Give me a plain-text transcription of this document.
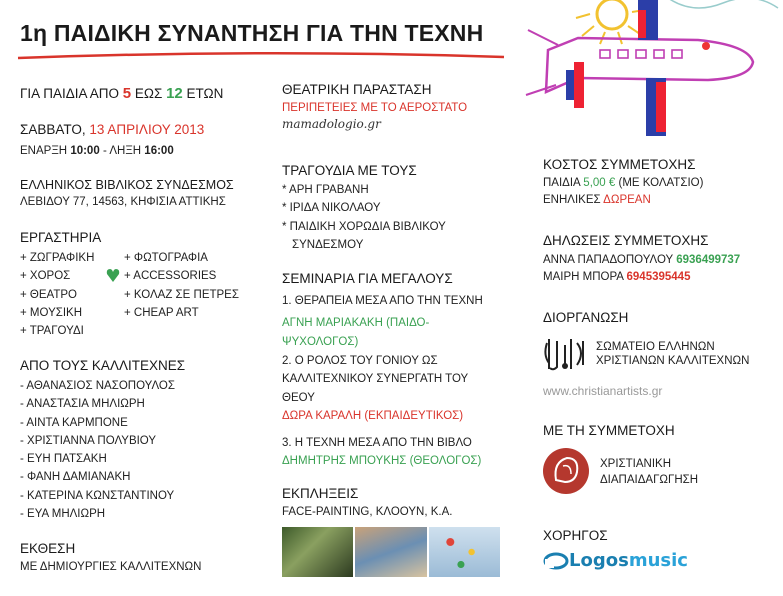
1η ΠΑΙΔΙΚΗ ΣΥΝΑΝΤΗΣΗ ΓΙΑ ΤΗΝ ΤΕΧΝΗ
ΓΙΑ ΠΑΙΔΙΑ ΑΠΟ 5 ΕΩΣ 12 ΕΤΩΝ
ΣΑΒΒΑΤΟ, 13 ΑΠΡΙΛΙΟΥ 2013
ΕΝΑΡΞΗ 10:00 - ΛΗΞΗ 16:00
ΕΛΛΗΝΙΚΟΣ ΒΙΒΛΙΚΟΣ ΣΥΝΔΕΣΜΟΣ
ΛΕΒΙΔΟΥ 77, 14563, ΚΗΦΙΣΙΑ ΑΤΤΙΚΗΣ
ΕΡΓΑΣΤΗΡΙΑ
+ ΖΩΓΡΑΦΙΚΗ
+ ΧΟΡΟΣ
+ ΘΕΑΤΡΟ
+ ΜΟΥΣΙΚΗ
+ ΤΡΑΓΟΥΔΙ
+ ΦΩΤΟΓΡΑΦΙΑ
+ ACCESSORIES
+ ΚΟΛΑΖ ΣΕ ΠΕΤΡΕΣ
+ CHEAP ART
ΑΠΟ ΤΟΥΣ ΚΑΛΛΙΤΕΧΝΕΣ
- ΑΘΑΝΑΣΙΟΣ ΝΑΣΟΠΟΥΛΟΣ
- ΑΝΑΣΤΑΣΙΑ ΜΗΛΙΩΡΗ
- ΑΙΝΤΑ ΚΑΡΜΠΟΝΕ
- ΧΡΙΣΤΙΑΝΝΑ ΠΟΛΥΒΙΟΥ
- ΕΥΗ ΠΑΤΣΑΚΗ
- ΦΑΝΗ ΔΑΜΙΑΝΑΚΗ
- ΚΑΤΕΡΙΝΑ ΚΩΝΣΤΑΝΤΙΝΟΥ
- ΕΥΑ ΜΗΛΙΩΡΗ
ΕΚΘΕΣΗ
ΜΕ ΔΗΜΙΟΥΡΓΙΕΣ ΚΑΛΛΙΤΕΧΝΩΝ
ΘΕΑΤΡΙΚΗ ΠΑΡΑΣΤΑΣΗ
ΠΕΡΙΠΕΤΕΙΕΣ ΜΕ ΤΟ ΑΕΡΟΣΤΑΤΟ
mamadologio.gr
ΤΡΑΓΟΥΔΙΑ ΜΕ ΤΟΥΣ
* ΑΡΗ ΓΡΑΒΑΝΗ
* ΙΡΙΔΑ ΝΙΚΟΛΑΟΥ
* ΠΑΙΔΙΚΗ ΧΟΡΩΔΙΑ ΒΙΒΛΙΚΟΥ
ΣΥΝΔΕΣΜΟΥ
ΣΕΜΙΝΑΡΙΑ ΓΙΑ ΜΕΓΑΛΟΥΣ
1. ΘΕΡΑΠΕΙΑ ΜΕΣΑ ΑΠΟ ΤΗΝ ΤΕΧΝΗ
ΑΓΝΗ ΜΑΡΙΑΚΑΚΗ (ΠΑΙΔΟ-
ΨΥΧΟΛΟΓΟΣ)
2. Ο ΡΟΛΟΣ ΤΟΥ ΓΟΝΙΟΥ ΩΣ
ΚΑΛΛΙΤΕΧΝΙΚΟΥ ΣΥΝΕΡΓΑΤΗ ΤΟΥ
ΘΕΟΥ
ΔΩΡΑ ΚΑΡΑΛΗ (ΕΚΠΑΙΔΕΥΤΙΚΟΣ)
3. Η ΤΕΧΝΗ ΜΕΣΑ ΑΠΟ ΤΗΝ ΒΙΒΛΟ
ΔΗΜΗΤΡΗΣ ΜΠΟΥΚΗΣ (ΘΕΟΛΟΓΟΣ)
ΕΚΠΛΗΞΕΙΣ
FACE-PAINTING, ΚΛΟΟΥΝ, Κ.Α.
ΚΟΣΤΟΣ ΣΥΜΜΕΤΟΧΗΣ
ΠΑΙΔΙΑ 5,00 € (ΜΕ ΚΟΛΑΤΣΙΟ)
ΕΝΗΛΙΚΕΣ ΔΩΡΕΑΝ
ΔΗΛΩΣΕΙΣ ΣΥΜΜΕΤΟΧΗΣ
ΑΝΝΑ ΠΑΠΑΔΟΠΟΥΛΟΥ 6936499737
ΜΑΙΡΗ ΜΠΟΡΑ 6945395445
ΔΙΟΡΓΑΝΩΣΗ
ΣΩΜΑΤΕΙΟ ΕΛΛΗΝΩΝ
ΧΡΙΣΤΙΑΝΩΝ ΚΑΛΛΙΤΕΧΝΩΝ
www.christianartists.gr
ΜΕ ΤΗ ΣΥΜΜΕΤΟΧΗ
ΧΡΙΣΤΙΑΝΙΚΗ
ΔΙΑΠΑΙΔΑΓΩΓΗΣΗ
ΧΟΡΗΓΟΣ
Logos music
